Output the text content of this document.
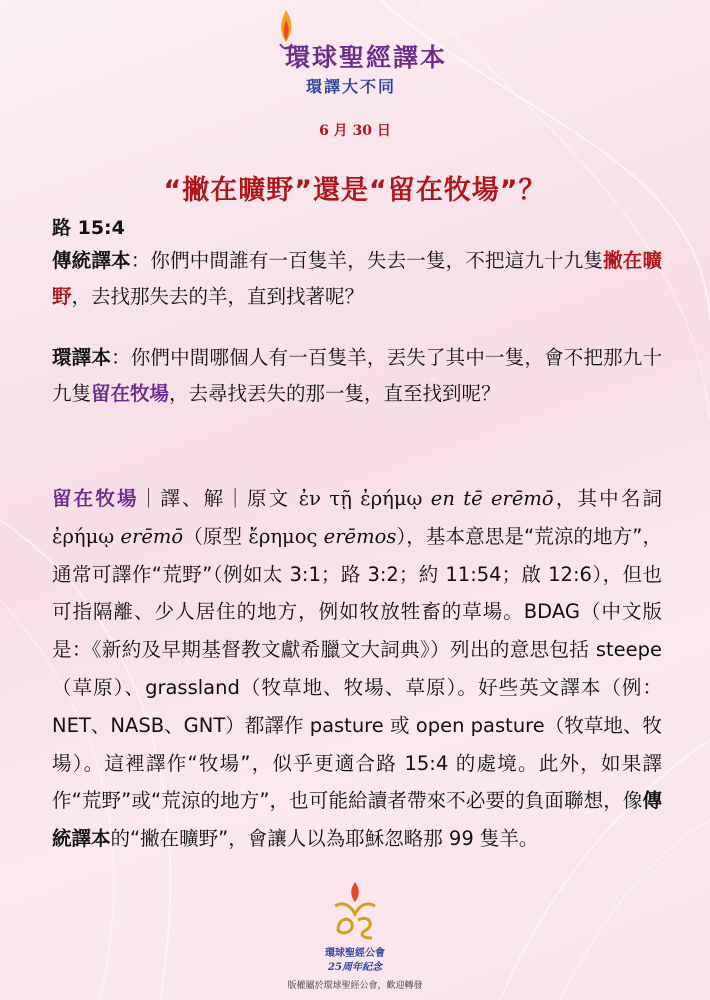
環球聖經譯本
環譯大不同
6 月 30 日
“撇在曠野”還是“留在牧場”？
路 15:4
傳統譯本：你們中間誰有一百隻羊，失去一隻，不把這九十九隻撇在曠野，去找那失去的羊，直到找著呢？
環譯本：你們中間哪個人有一百隻羊，丟失了其中一隻，會不把那九十九隻留在牧場，去尋找丟失的那一隻，直至找到呢？
留在牧場｜譯、解｜原文 ἐν τῇ ἐρήμῳ en tē erēmō，其中名詞 ἐρήμῳ erēmō（原型 ἔρημος erēmos），基本意思是“荒涼的地方”，通常可譯作“荒野”（例如太 3:1；路 3:2；約 11:54；啟 12:6），但也可指隔離、少人居住的地方，例如牧放牲畜的草場。BDAG（中文版是：《新約及早期基督教文獻希臘文大詞典》）列出的意思包括 steepe（草原）、grassland（牧草地、牧場、草原）。好些英文譯本（例：NET、NASB、GNT）都譯作 pasture 或 open pasture（牧草地、牧場）。這裡譯作“牧場”，似乎更適合路 15:4 的處境。此外，如果譯作“荒野”或“荒涼的地方”，也可能給讀者帶來不必要的負面聯想，像傳統譯本的“撇在曠野”，會讓人以為耶穌忽略那 99 隻羊。
環球聖經公會
25周年紀念
版權屬於環球聖經公會，歡迎轉發
